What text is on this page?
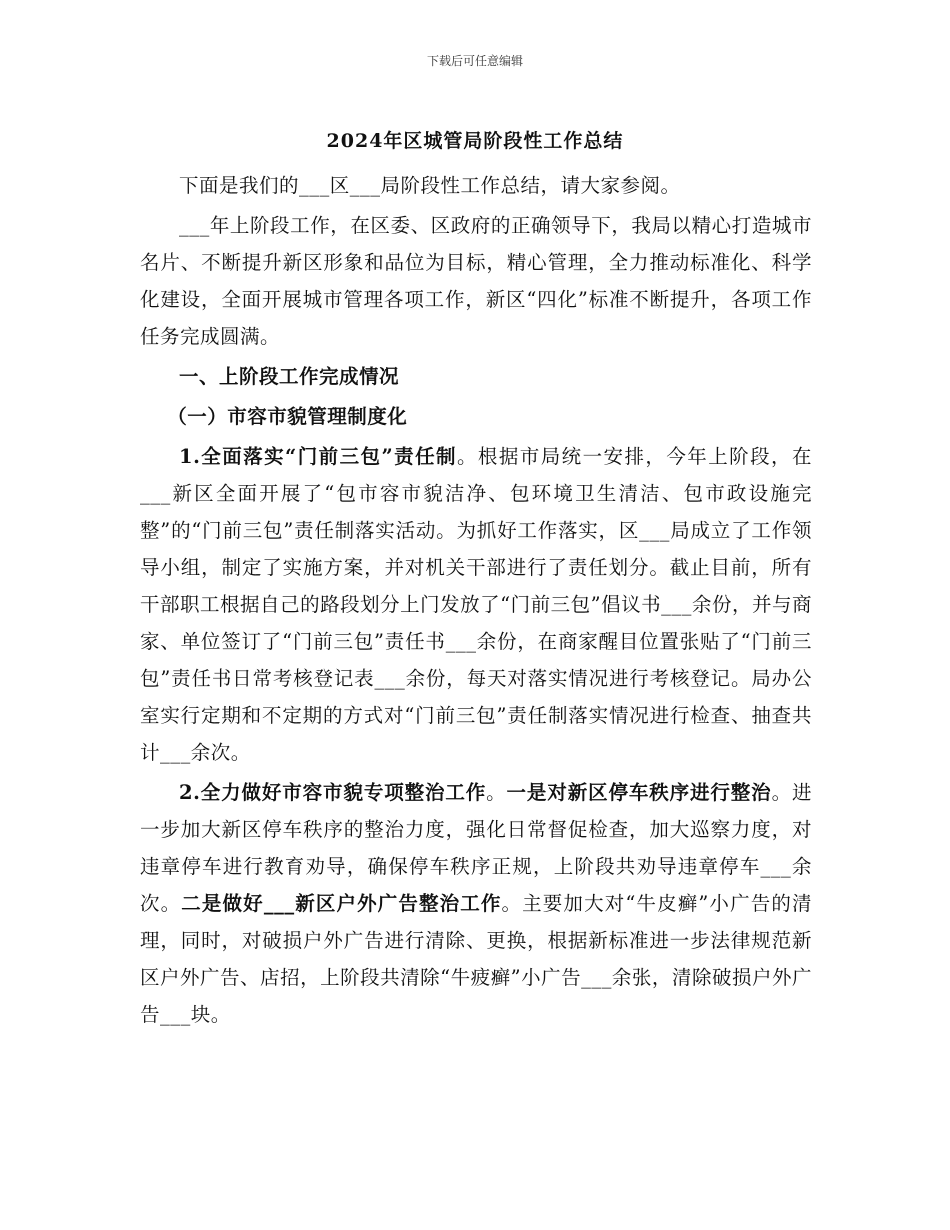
下载后可任意编辑
2024年区城管局阶段性工作总结

下面是我们的___区___局阶段性工作总结，请大家参阅。

___年上阶段工作，在区委、区政府的正确领导下，我局以精心打造城市名片、不断提升新区形象和品位为目标，精心管理，全力推动标准化、科学化建设，全面开展城市管理各项工作，新区“四化”标准不断提升，各项工作任务完成圆满。

一、上阶段工作完成情况

（一）市容市貌管理制度化

1.全面落实“门前三包”责任制。根据市局统一安排，今年上阶段，在___新区全面开展了“包市容市貌洁净、包环境卫生清洁、包市政设施完整”的“门前三包”责任制落实活动。为抓好工作落实，区___局成立了工作领导小组，制定了实施方案，并对机关干部进行了责任划分。截止目前，所有干部职工根据自己的路段划分上门发放了“门前三包”倡议书___余份，并与商家、单位签订了“门前三包”责任书___余份，在商家醒目位置张贴了“门前三包”责任书日常考核登记表___余份，每天对落实情况进行考核登记。局办公室实行定期和不定期的方式对“门前三包”责任制落实情况进行检查、抽查共计___余次。

2.全力做好市容市貌专项整治工作。一是对新区停车秩序进行整治。进一步加大新区停车秩序的整治力度，强化日常督促检查，加大巡察力度，对违章停车进行教育劝导，确保停车秩序正规，上阶段共劝导违章停车___余次。二是做好___新区户外广告整治工作。主要加大对“牛皮癣”小广告的清理，同时，对破损户外广告进行清除、更换，根据新标准进一步法律规范新区户外广告、店招，上阶段共清除“牛疲癣”小广告___余张，清除破损户外广告___块。
